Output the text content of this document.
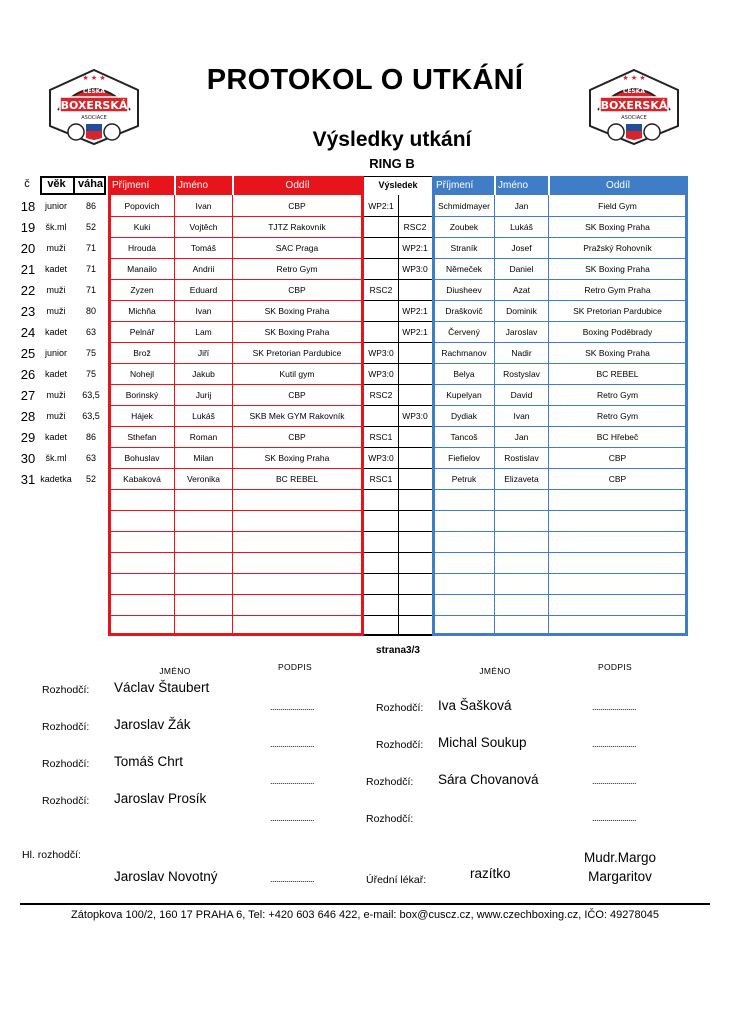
★ ★ ★
ČESKÁ
BOXERSKÁ
ASOCIACE
★ ★ ★
ČESKÁ
BOXERSKÁ
ASOCIACE
PROTOKOL O UTKÁNÍ
Výsledky utkání
RING B
č	věk	váha Příjmení	Jméno	Oddíl	Výsledek	Příjmení	Jméno	Oddíl
18	junior	86	Popovich	Ivan	CBP	WP2:1	Schmidmayer	Jan	Field Gym
19	šk.ml	52	Kuki	Vojtěch	TJTZ Rakovník	RSC2	Zoubek	Lukáš	SK Boxing Praha
20	muži	71	Hrouda	Tomáš	SAC Praga	WP2:1	Straník	Josef	Pražský Rohovník
21	kadet	71	Manailo	Andrii	Retro Gym	WP3:0	Němeček	Daniel	SK Boxing Praha
22	muži	71	Zyzen	Eduard	CBP	RSC2	Diusheev	Azat	Retro Gym Praha
23	muži	80	Michňa	Ivan	SK Boxing Praha	WP2:1	Draškovič	Dominik	SK Pretorian Pardubice
24	kadet	63	Pelnář	Lam	SK Boxing Praha	WP2:1	Červený	Jaroslav	Boxing Poděbrady
25	junior	75	Brož	Jiří	SK Pretorian Pardubice	WP3:0	Rachmanov	Nadir	SK Boxing Praha
26	kadet	75	Nohejl	Jakub	Kutil gym	WP3:0	Belya	Rostyslav	BC REBEL
27	muži	63,5	Borinský	Jurij	CBP	RSC2	Kupelyan	David	Retro Gym
28	muži	63,5	Hájek	Lukáš	SKB Mek GYM Rakovník	WP3:0	Dydiak	Ivan	Retro Gym
29	kadet	86	Sthefan	Roman	CBP	RSC1	Tancoš	Jan	BC Hřebeč
30	šk.ml	63	Bohuslav	Milan	SK Boxing Praha	WP3:0	Fiefielov	Rostislav	CBP
31 kadetka	52	Kabaková	Veronika	BC REBEL	RSC1	Petruk	Elizaveta	CBP
strana3/3
JMÉNO	PODPIS	JMÉNO	PODPIS
Rozhodčí: Václav Štaubert
......................
Rozhodčí: Jaroslav Žák
......................
Rozhodčí: Tomáš Chrt
......................
Rozhodčí: Jaroslav Prosík
......................
Rozhodčí: Iva Šašková	......................
Rozhodčí: Michal Soukup	......................
Rozhodčí: Sára Chovanová	......................
Rozhodčí:	......................
Hl. rozhodčí:
Jaroslav Novotný	......................	Úřední lékař:	razítko
Mudr.Margo
Margaritov
Zátopkova 100/2, 160 17 PRAHA 6, Tel: +420 603 646 422, e-mail: box@cuscz.cz, www.czechboxing.cz, IČO: 49278045
